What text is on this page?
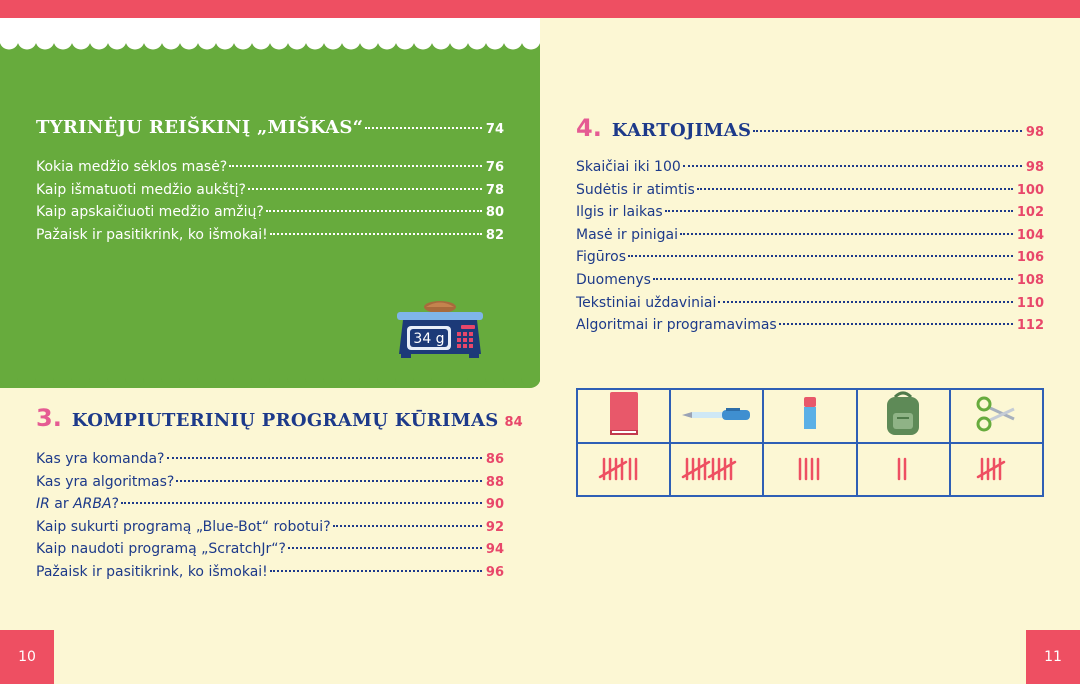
TYRINĖJU REIŠKINĮ „MIŠKAS“	74
Kokia medžio sėklos masė?	76
Kaip išmatuoti medžio aukštį?	78
Kaip apskaičiuoti medžio amžių?	80
Pažaisk ir pasitikrink, ko išmokai!	82
34 g
3. KOMPIUTERINIŲ PROGRAMŲ KŪRIMAS 84
Kas yra komanda?	86
Kas yra algoritmas?	88
IR ar ARBA?	90
Kaip sukurti programą „Blue-Bot“ robotui?	92
Kaip naudoti programą „ScratchJr“?	94
Pažaisk ir pasitikrink, ko išmokai!	96
4. KARTOJIMAS	98
Skaičiai iki 100	98
Sudėtis ir atimtis	100
Ilgis ir laikas	102
Masė ir pinigai	104
Figūros	106
Duomenys	108
Tekstiniai uždaviniai	110
Algoritmai ir programavimas	112

10	11
